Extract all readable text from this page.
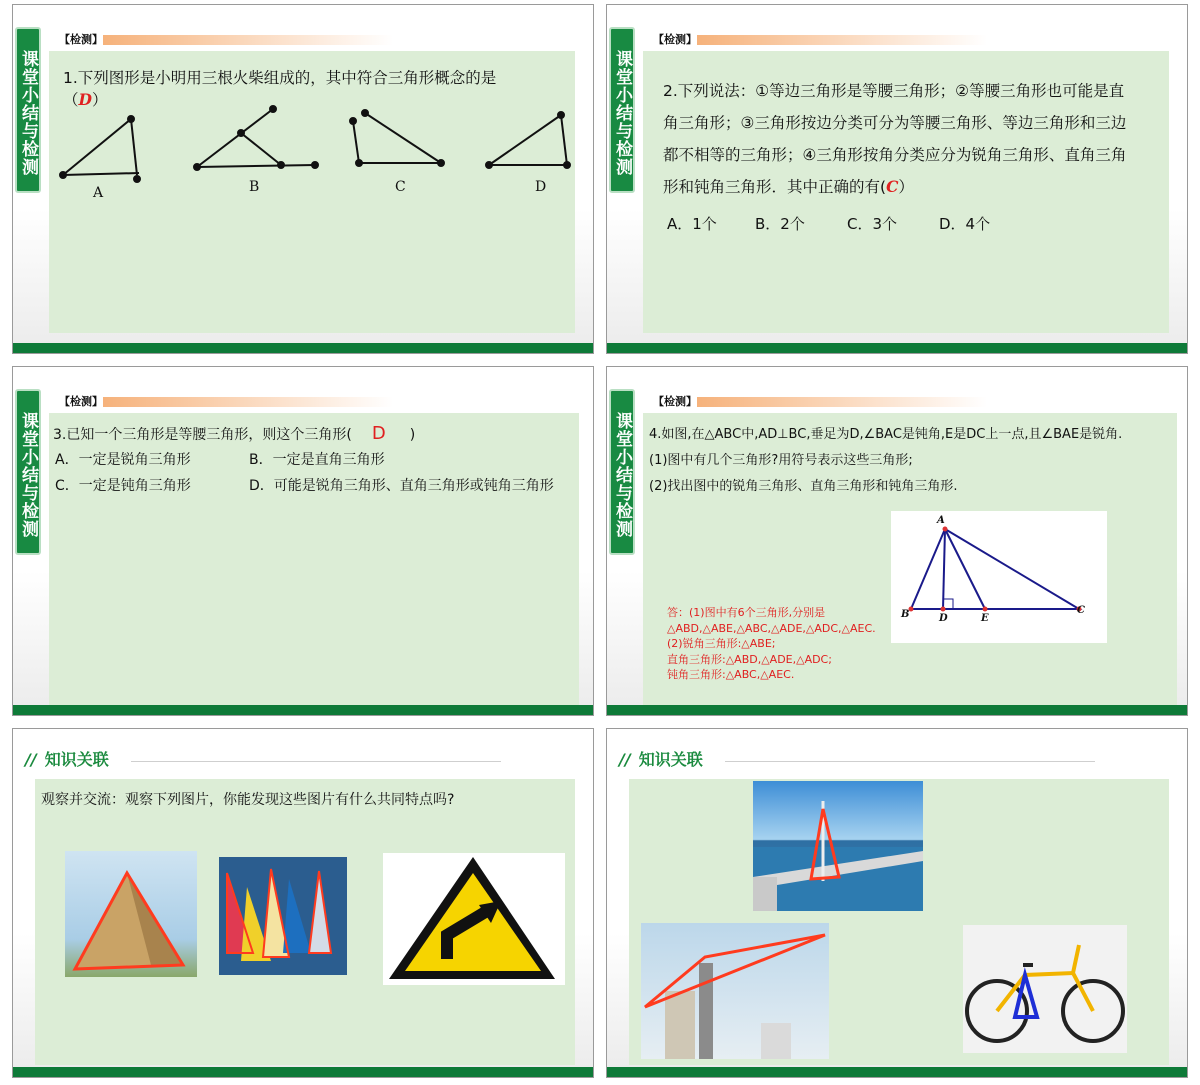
课堂小结与检测
【检测】
1.下列图形是小明用三根火柴组成的，其中符合三角形概念的是（D）
A	B	C	D
课堂小结与检测
【检测】
2.下列说法：①等边三角形是等腰三角形；②等腰三角形也可能是直角三角形；③三角形按边分类可分为等腰三角形、等边三角形和三边都不相等的三角形；④三角形按角分类应分为锐角三角形、直角三角形和钝角三角形．其中正确的有(C）
A．1个	B．2个	C．3个	D．4个
课堂小结与检测
【检测】
3.已知一个三角形是等腰三角形，则这个三角形( D )
A．一定是锐角三角形	B．一定是直角三角形
C．一定是钝角三角形	D．可能是锐角三角形、直角三角形或钝角三角形	课堂小结与检测
【检测】
4.如图,在△ABC中,AD⊥BC,垂足为D,∠BAC是钝角,E是DC上一点,且∠BAE是锐角.
(1)图中有几个三角形?用符号表示这些三角形;
(2)找出图中的锐角三角形、直角三角形和钝角三角形.
A
B	D	E
C
答：(1)图中有6个三角形,分别是
△ABD,△ABE,△ABC,△ADE,△ADC,△AEC.
(2)锐角三角形:△ABE;
直角三角形:△ABD,△ADE,△ADC;
钝角三角形:△ABC,△AEC.
// 知识关联
观察并交流：观察下列图片，你能发现这些图片有什么共同特点吗?
// 知识关联
